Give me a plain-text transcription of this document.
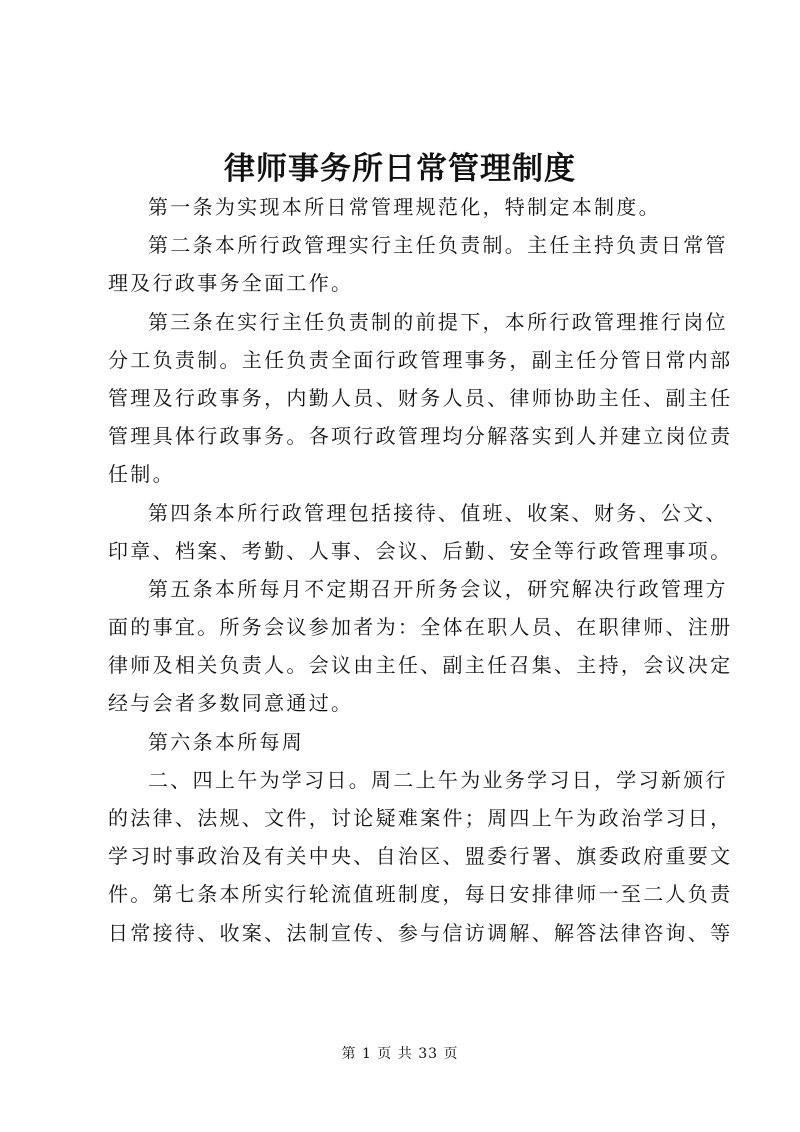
律师事务所日常管理制度
第一条为实现本所日常管理规范化，特制定本制度。
第二条本所行政管理实行主任负责制。主任主持负责日常管
理及行政事务全面工作。
第三条在实行主任负责制的前提下，本所行政管理推行岗位
分工负责制。主任负责全面行政管理事务，副主任分管日常内部
管理及行政事务，内勤人员、财务人员、律师协助主任、副主任
管理具体行政事务。各项行政管理均分解落实到人并建立岗位责
任制。
第四条本所行政管理包括接待、值班、收案、财务、公文、
印章、档案、考勤、人事、会议、后勤、安全等行政管理事项。
第五条本所每月不定期召开所务会议，研究解决行政管理方
面的事宜。所务会议参加者为：全体在职人员、在职律师、注册
律师及相关负责人。会议由主任、副主任召集、主持，会议决定
经与会者多数同意通过。
第六条本所每周
二、四上午为学习日。周二上午为业务学习日，学习新颁行
的法律、法规、文件，讨论疑难案件；周四上午为政治学习日，
学习时事政治及有关中央、自治区、盟委行署、旗委政府重要文
件。第七条本所实行轮流值班制度，每日安排律师一至二人负责
日常接待、收案、法制宣传、参与信访调解、解答法律咨询、等
第 1 页 共 33 页
